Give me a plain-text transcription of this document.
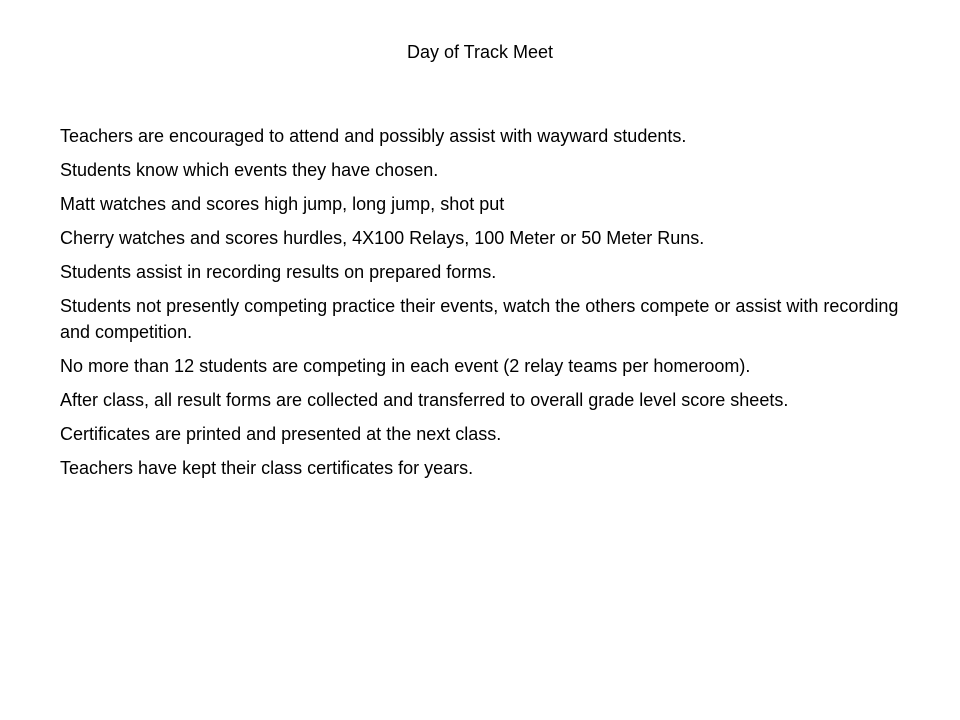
Day of Track Meet
Teachers are encouraged to attend and possibly assist with wayward students.
Students know which events they have chosen.
Matt watches and scores high jump, long jump, shot put
Cherry watches and scores hurdles, 4X100 Relays, 100 Meter or 50 Meter Runs.
Students assist in recording results on prepared forms.
Students not presently competing practice their events, watch the others compete or assist with recording and competition.
No more than 12 students are competing in each event (2 relay teams per homeroom).
After class, all result forms are collected and transferred to overall grade level score sheets.
Certificates are printed and presented at the next class.
Teachers have kept their class certificates for years.
